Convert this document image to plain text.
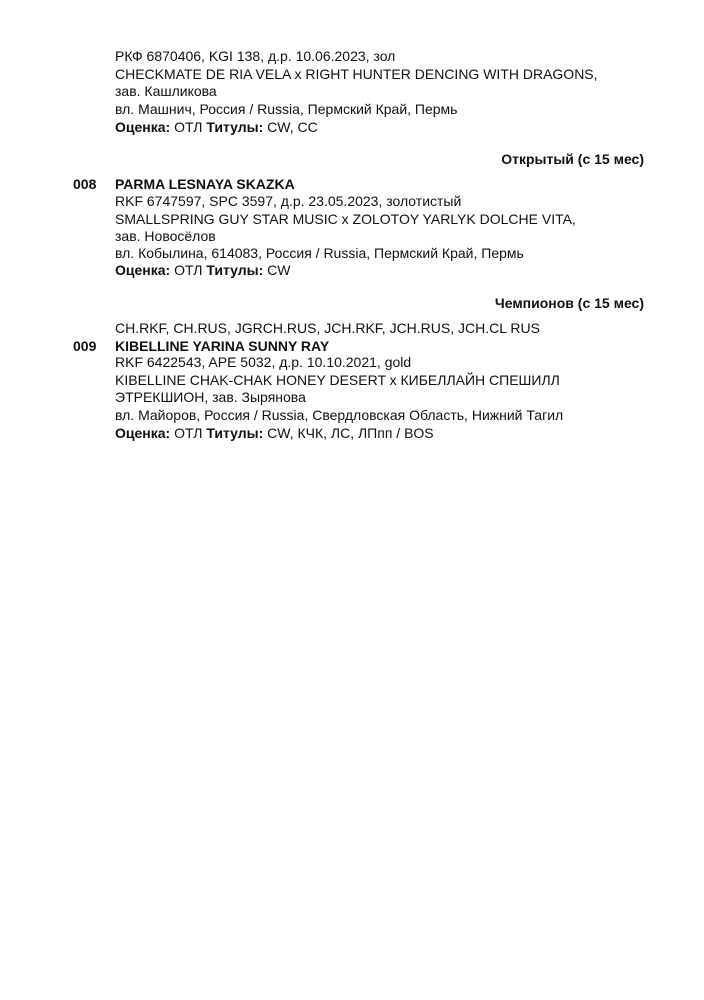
РКФ 6870406, KGI 138, д.р. 10.06.2023, зол
CHECKMATE DE RIA VELA x RIGHT HUNTER DENCING WITH DRAGONS,
зав. Кашликова
вл. Машнич, Россия / Russia, Пермский Край, Пермь
Оценка: ОТЛ Титулы: CW, CC
Открытый (с 15 мес)
008 PARMA LESNAYA SKAZKA
RKF 6747597, SPC 3597, д.р. 23.05.2023, золотистый
SMALLSPRING GUY STAR MUSIC x ZOLOTOY YARLYK DOLCHE VITA,
зав. Новосёлов
вл. Кобылина, 614083, Россия / Russia, Пермский Край, Пермь
Оценка: ОТЛ Титулы: CW
Чемпионов (с 15 мес)
CH.RKF, CH.RUS, JGRCH.RUS, JCH.RKF, JCH.RUS, JCH.CL RUS
009 KIBELLINE YARINA SUNNY RAY
RKF 6422543, APE 5032, д.р. 10.10.2021, gold
KIBELLINE CHAK-CHAK HONEY DESERT x КИБЕЛЛАЙН СПЕШИЛЛ
ЭТРЕКШИОН, зав. Зырянова
вл. Майоров, Россия / Russia, Свердловская Область, Нижний Тагил
Оценка: ОТЛ Титулы: CW, КЧК, ЛС, ЛПпп / BOS
